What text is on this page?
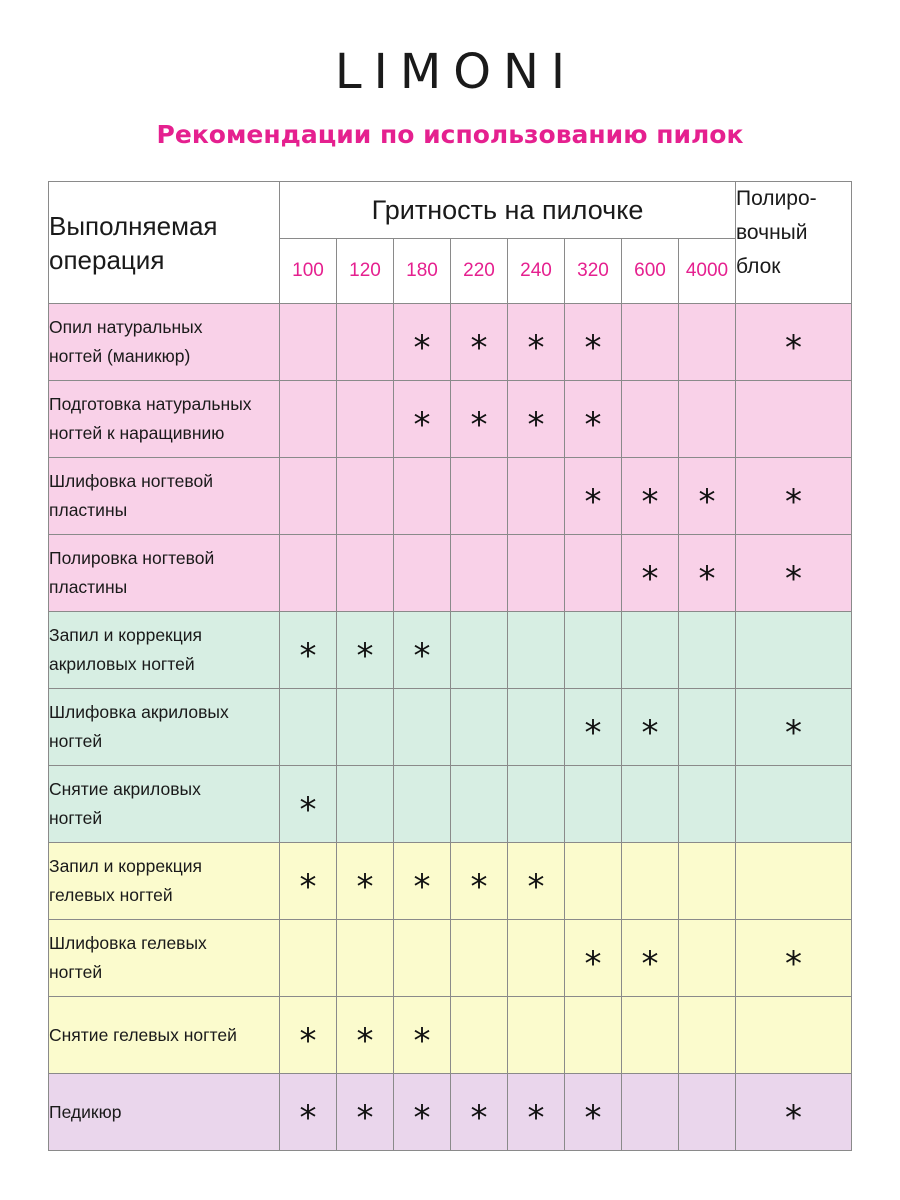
LIMONI
Рекомендации по использованию пилок
Выполняемая
операция	Гритность на пилочке								Полиро-
вочный
блок
	100	120	180	220	240	320	600	4000	
Опил натуральных
ногтей (маникюр)			*	*	*	*			*
Подготовка натуральных
ногтей к наращивнию			*	*	*	*			
Шлифовка ногтевой
пластины						*	*	*	*
Полировка ногтевой
пластины							*	*	*
Запил и коррекция
акриловых ногтей	*	*	*						
Шлифовка акриловых
ногтей						*	*		*
Снятие акриловых
ногтей	*								
Запил и коррекция
гелевых ногтей	*	*	*	*	*				
Шлифовка гелевых
ногтей						*	*		*
Снятие гелевых ногтей	*	*	*						
Педикюр	*	*	*	*	*	*			*
